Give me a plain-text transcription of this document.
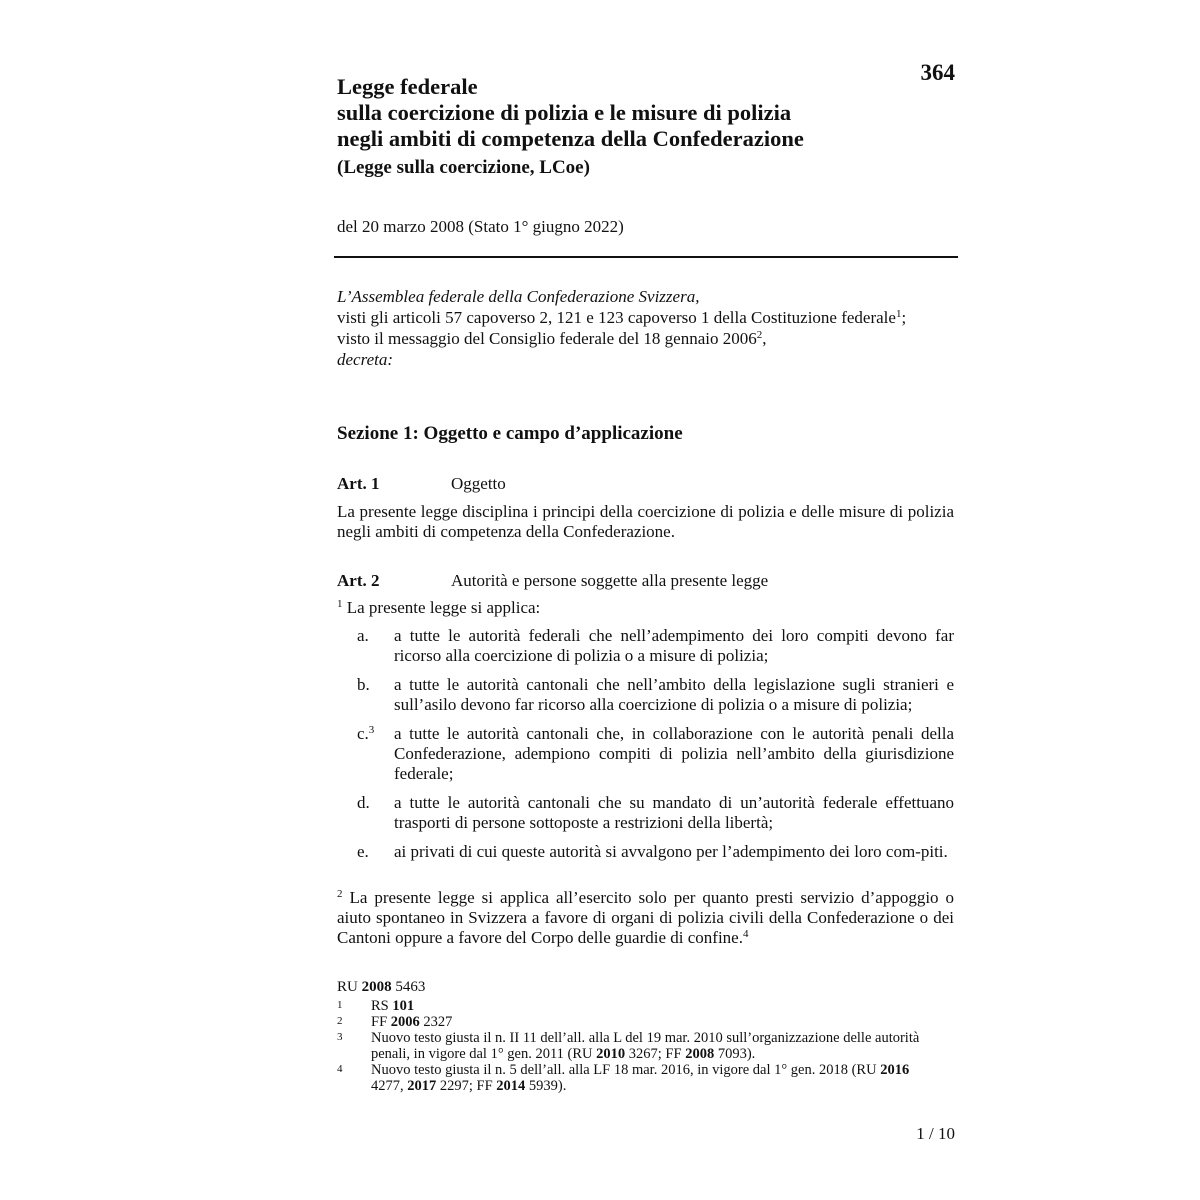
364
Legge federale
sulla coercizione di polizia e le misure di polizia
negli ambiti di competenza della Confederazione
(Legge sulla coercizione, LCoe)
del 20 marzo 2008 (Stato 1° giugno 2022)
L’Assemblea federale della Confederazione Svizzera,
visti gli articoli 57 capoverso 2, 121 e 123 capoverso 1 della Costituzione federale$^1$;
visto il messaggio del Consiglio federale del 18 gennaio 2006$^2$,
decreta:
Sezione 1: Oggetto e campo d’applicazione
Art. 1	Oggetto
La presente legge disciplina i principi della coercizione di polizia e delle misure di polizia negli ambiti di competenza della Confederazione.
Art. 2	Autorità e persone soggette alla presente legge
$^1$ La presente legge si applica:
a.	a tutte le autorità federali che nell’adempimento dei loro compiti devono far ricorso alla coercizione di polizia o a misure di polizia;
b.	a tutte le autorità cantonali che nell’ambito della legislazione sugli stranieri e sull’asilo devono far ricorso alla coercizione di polizia o a misure di polizia;
c.$^3$	a tutte le autorità cantonali che, in collaborazione con le autorità penali della Confederazione, adempiono compiti di polizia nell’ambito della giurisdizione federale;
d.	a tutte le autorità cantonali che su mandato di un’autorità federale effettuano trasporti di persone sottoposte a restrizioni della libertà;
e.	ai privati di cui queste autorità si avvalgono per l’adempimento dei loro com-piti.
$^2$ La presente legge si applica all’esercito solo per quanto presti servizio d’appoggio o aiuto spontaneo in Svizzera a favore di organi di polizia civili della Confederazione o dei Cantoni oppure a favore del Corpo delle guardie di confine.$^4$
RU 2008 5463
1	RS 101
2	FF 2006 2327
3	Nuovo testo giusta il n. II 11 dell’all. alla L del 19 mar. 2010 sull’organizzazione delle autorità penali, in vigore dal 1° gen. 2011 (RU 2010 3267; FF 2008 7093).
4	Nuovo testo giusta il n. 5 dell’all. alla LF 18 mar. 2016, in vigore dal 1° gen. 2018 (RU 2016 4277, 2017 2297; FF 2014 5939).
1 / 10
